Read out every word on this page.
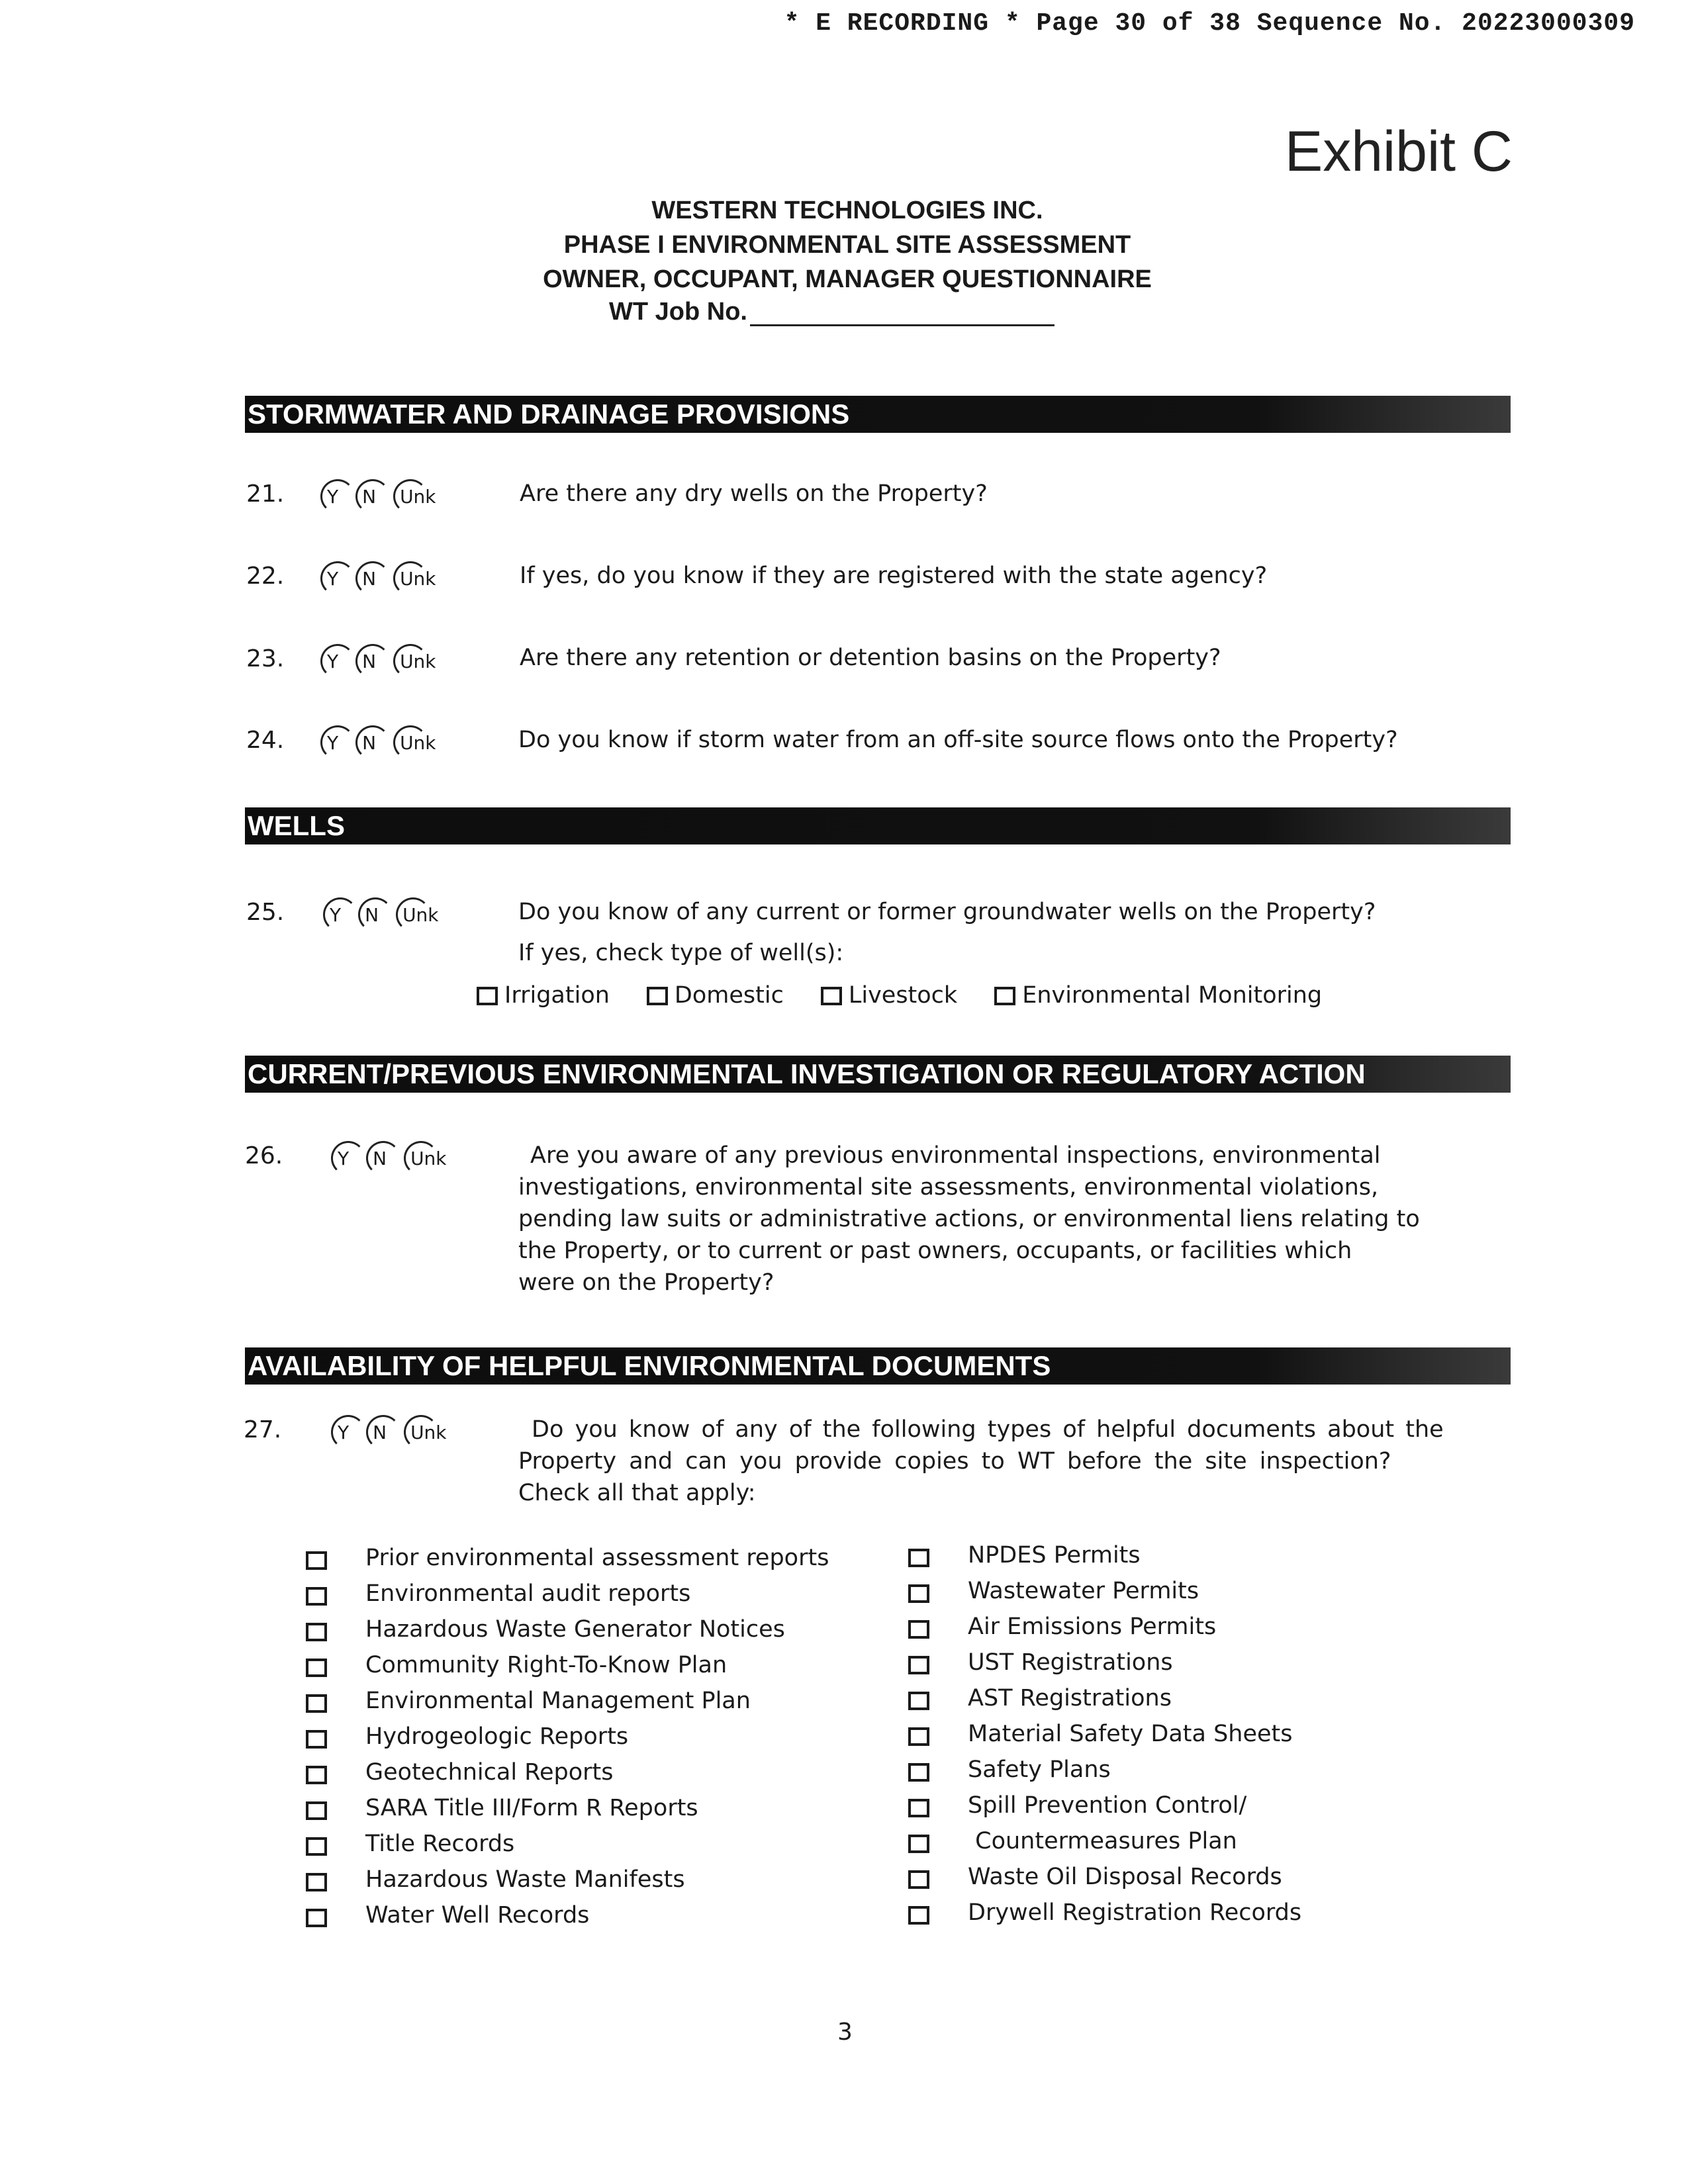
* E RECORDING * Page 30 of 38 Sequence No. 20223000309
Exhibit C
WESTERN TECHNOLOGIES INC.
PHASE I ENVIRONMENTAL SITE ASSESSMENT
OWNER, OCCUPANT, MANAGER QUESTIONNAIRE
WT Job No.
STORMWATER AND DRAINAGE PROVISIONS
21.	Y N Unk	Are there any dry wells on the Property?
22.	Y N Unk	If yes, do you know if they are registered with the state agency?
23.	Y N Unk	Are there any retention or detention basins on the Property?
24.	Y N Unk	Do you know if storm water from an off-site source flows onto the Property?
WELLS
25.	Y N Unk	Do you know of any current or former groundwater wells on the Property?
If yes, check type of well(s):
Irrigation	Domestic	Livestock	Environmental Monitoring
CURRENT/PREVIOUS ENVIRONMENTAL INVESTIGATION OR REGULATORY ACTION
26.	Y N Unk	Are you aware of any previous environmental inspections, environmental
investigations, environmental site assessments, environmental violations,
pending law suits or administrative actions, or environmental liens relating to
the Property, or to current or past owners, occupants, or facilities which
were on the Property?
AVAILABILITY OF HELPFUL ENVIRONMENTAL DOCUMENTS
27.	Y N Unk	Do you know of any of the following types of helpful documents about the
Property and can you provide copies to WT before the site inspection?
Check all that apply:
Prior environmental assessment reports
Environmental audit reports
Hazardous Waste Generator Notices
Community Right-To-Know Plan
Environmental Management Plan
Hydrogeologic Reports
Geotechnical Reports
SARA Title III/Form R Reports
Title Records
Hazardous Waste Manifests
Water Well Records
NPDES Permits
Wastewater Permits
Air Emissions Permits
UST Registrations
AST Registrations
Material Safety Data Sheets
Safety Plans
Spill Prevention Control/
Countermeasures Plan
Waste Oil Disposal Records
Drywell Registration Records
3
